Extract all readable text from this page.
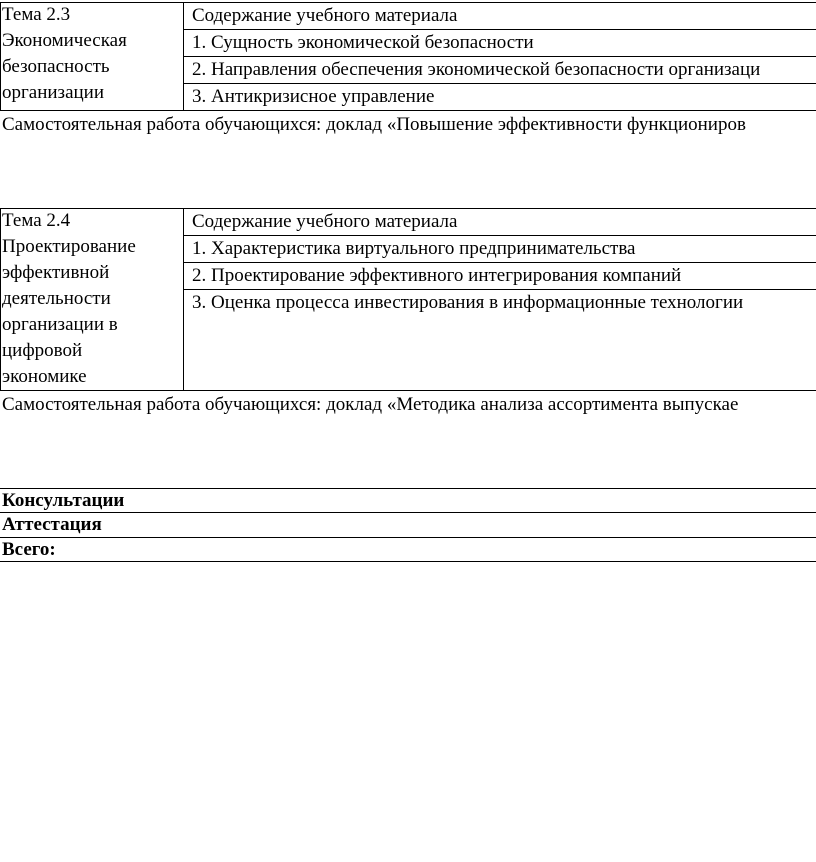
Тема 2.3
Экономическая
безопасность
организации
Содержание учебного материала
1. Сущность экономической безопасности
2. Направления обеспечения экономической безопасности организаци
3. Антикризисное управление
Самостоятельная работа обучающихся: доклад «Повышение эффективности функциониров
Тема 2.4
Проектирование
эффективной
деятельности
организации в
цифровой
экономике
Содержание учебного материала
1. Характеристика виртуального предпринимательства
2. Проектирование эффективного интегрирования компаний
3. Оценка процесса инвестирования в информационные технологии
Самостоятельная работа обучающихся: доклад «Методика анализа ассортимента выпускае
Консультации
Аттестация
Всего:
